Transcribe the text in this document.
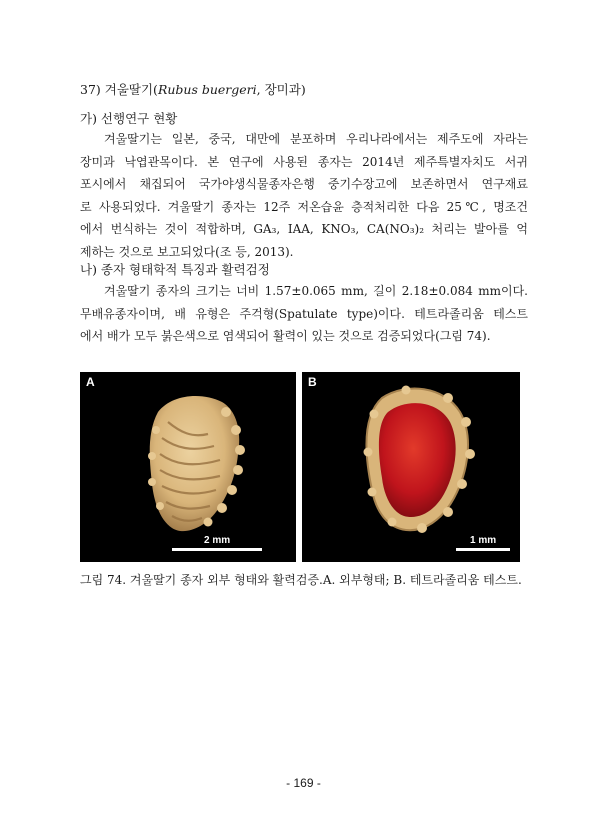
37) 겨울딸기(Rubus buergeri, 장미과)
가) 선행연구 현황
겨울딸기는 일본, 중국, 대만에 분포하며 우리나라에서는 제주도에 자라는
장미과 낙엽관목이다. 본 연구에 사용된 종자는 2014년 제주특별자치도 서귀
포시에서 채집되어 국가야생식물종자은행 중기수장고에 보존하면서 연구재료
로 사용되었다. 겨울딸기 종자는 12주 저온습윤 층적처리한 다음 25℃, 명조건
에서 번식하는 것이 적합하며, GA₃, IAA, KNO₃, CA(NO₃)₂ 처리는 발아를 억
제하는 것으로 보고되었다(조 등, 2013).
나) 종자 형태학적 특징과 활력검정
겨울딸기 종자의 크기는 너비 1.57±0.065 mm, 길이 2.18±0.084 mm이다.
무배유종자이며, 배 유형은 주걱형(Spatulate type)이다. 테트라졸리움 테스트
에서 배가 모두 붉은색으로 염색되어 활력이 있는 것으로 검증되었다(그림 74).
A
2 mm
B
1 mm
그림 74. 겨울딸기 종자 외부 형태와 활력검증.A. 외부형태; B. 테트라졸리움 테스트.
- 169 -
